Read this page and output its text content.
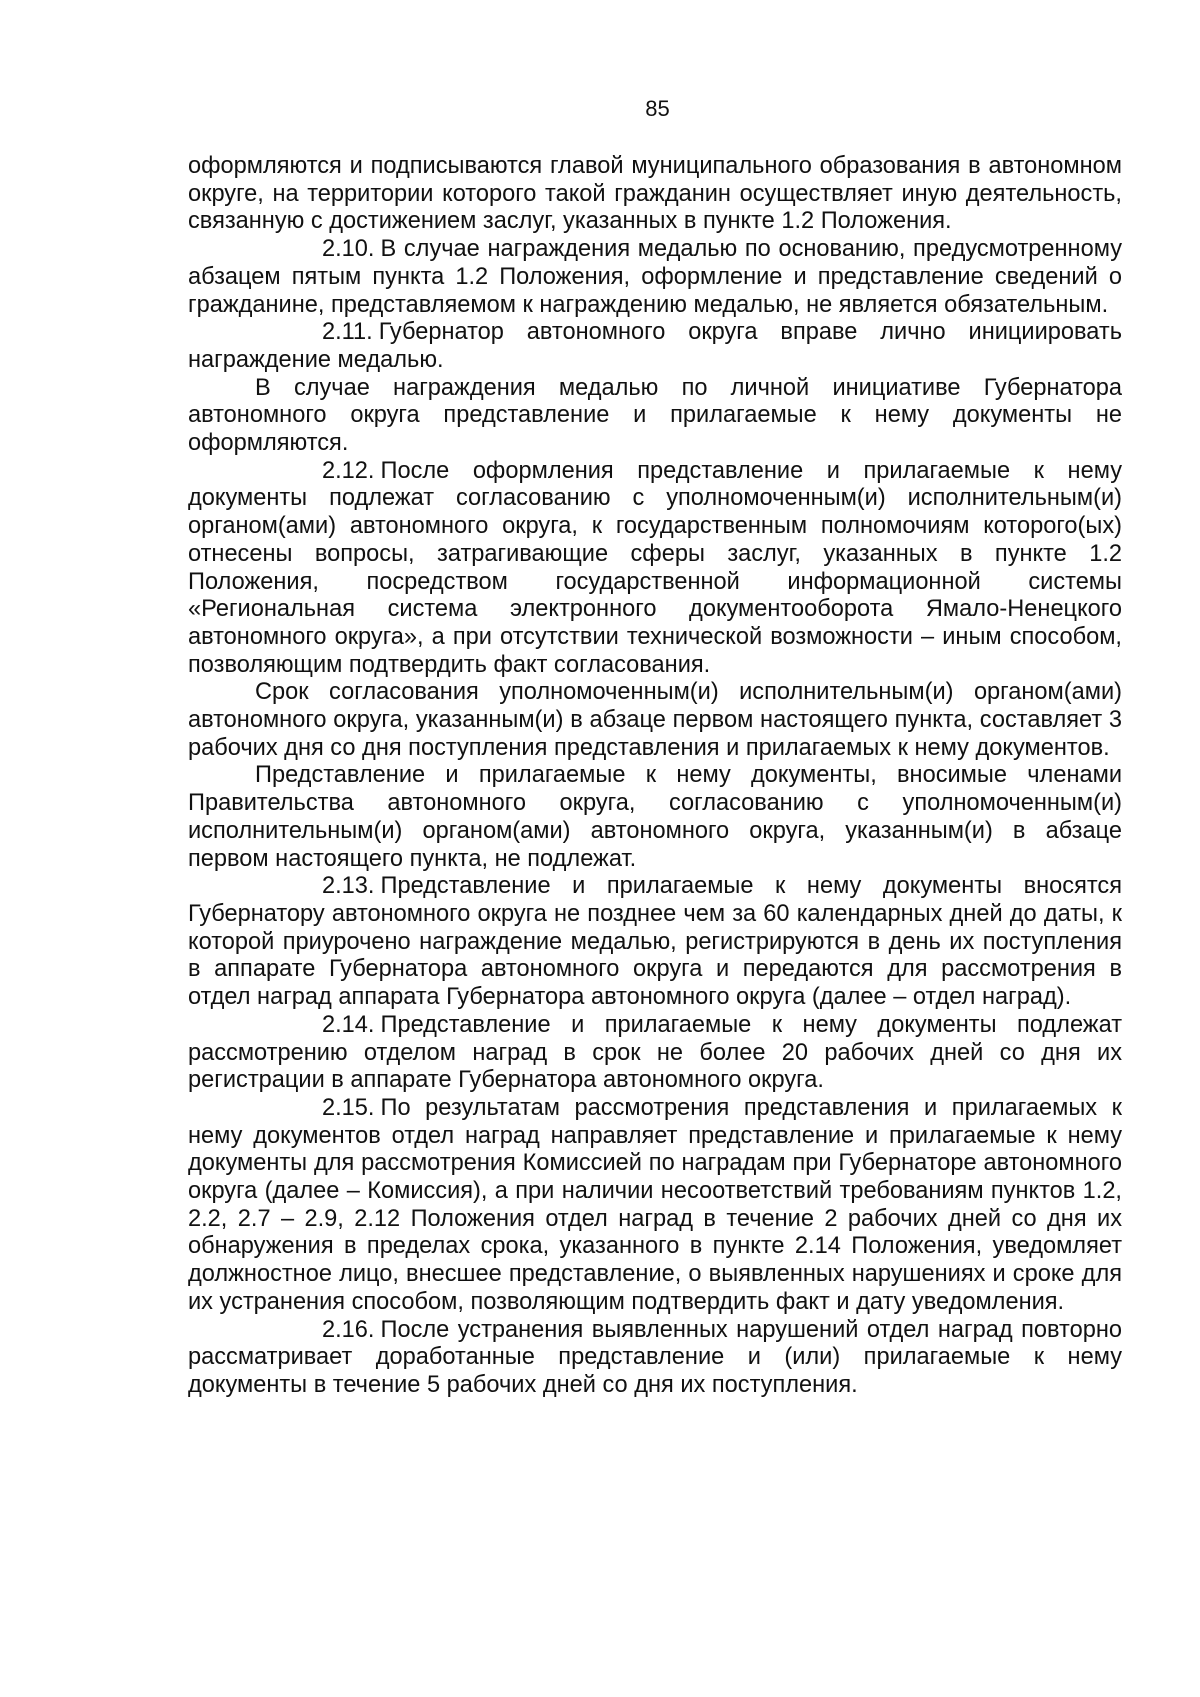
85

оформляются и подписываются главой муниципального образования в автономном округе, на территории которого такой гражданин осуществляет иную деятельность, связанную с достижением заслуг, указанных в пункте 1.2 Положения.

2.10. В случае награждения медалью по основанию, предусмотренному абзацем пятым пункта 1.2 Положения, оформление и представление сведений о гражданине, представляемом к награждению медалью, не является обязательным.

2.11. Губернатор автономного округа вправе лично инициировать награждение медалью.

В случае награждения медалью по личной инициативе Губернатора автономного округа представление и прилагаемые к нему документы не оформляются.

2.12. После оформления представление и прилагаемые к нему документы подлежат согласованию с уполномоченным(и) исполнительным(и) органом(ами) автономного округа, к государственным полномочиям которого(ых) отнесены вопросы, затрагивающие сферы заслуг, указанных в пункте 1.2 Положения, посредством государственной информационной системы «Региональная система электронного документооборота Ямало-Ненецкого автономного округа», а при отсутствии технической возможности – иным способом, позволяющим подтвердить факт согласования.

Срок согласования уполномоченным(и) исполнительным(и) органом(ами) автономного округа, указанным(и) в абзаце первом настоящего пункта, составляет 3 рабочих дня со дня поступления представления и прилагаемых к нему документов.

Представление и прилагаемые к нему документы, вносимые членами Правительства автономного округа, согласованию с уполномоченным(и) исполнительным(и) органом(ами) автономного округа, указанным(и) в абзаце первом настоящего пункта, не подлежат.

2.13. Представление и прилагаемые к нему документы вносятся Губернатору автономного округа не позднее чем за 60 календарных дней до даты, к которой приурочено награждение медалью, регистрируются в день их поступления в аппарате Губернатора автономного округа и передаются для рассмотрения в отдел наград аппарата Губернатора автономного округа (далее – отдел наград).

2.14. Представление и прилагаемые к нему документы подлежат рассмотрению отделом наград в срок не более 20 рабочих дней со дня их регистрации в аппарате Губернатора автономного округа.

2.15. По результатам рассмотрения представления и прилагаемых к нему документов отдел наград направляет представление и прилагаемые к нему документы для рассмотрения Комиссией по наградам при Губернаторе автономного округа (далее – Комиссия), а при наличии несоответствий требованиям пунктов 1.2, 2.2, 2.7 – 2.9, 2.12 Положения отдел наград в течение 2 рабочих дней со дня их обнаружения в пределах срока, указанного в пункте 2.14 Положения, уведомляет должностное лицо, внесшее представление, о выявленных нарушениях и сроке для их устранения способом, позволяющим подтвердить факт и дату уведомления.

2.16. После устранения выявленных нарушений отдел наград повторно рассматривает доработанные представление и (или) прилагаемые к нему документы в течение 5 рабочих дней со дня их поступления.
